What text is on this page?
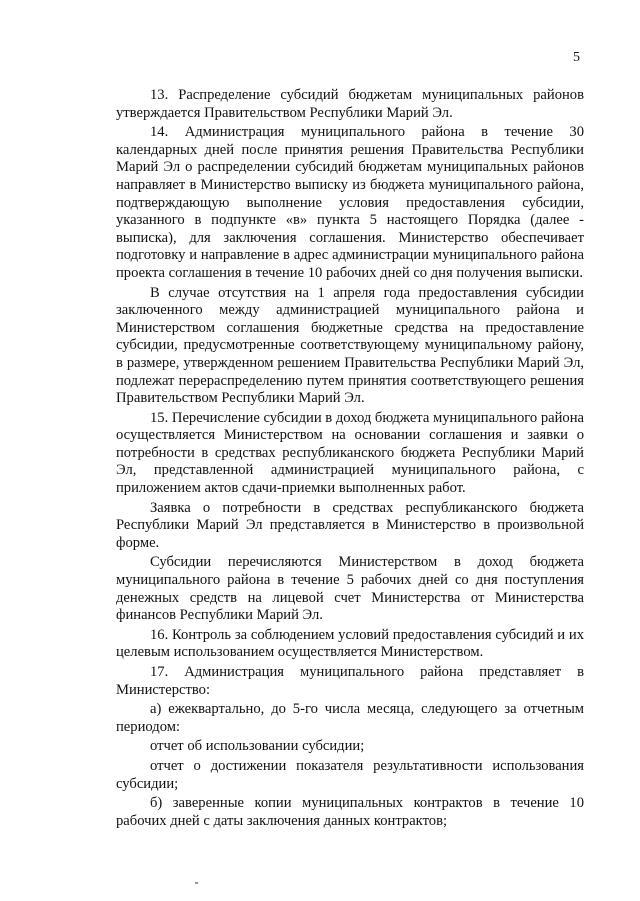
5

13. Распределение субсидий бюджетам муниципальных районов утверждается Правительством Республики Марий Эл.

14. Администрация муниципального района в течение 30 календарных дней после принятия решения Правительства Республики Марий Эл о распределении субсидий бюджетам муниципальных районов направляет в Министерство выписку из бюджета муниципального района, подтверждающую выполнение условия предоставления субсидии, указанного в подпункте «в» пункта 5 настоящего Порядка (далее - выписка), для заключения соглашения. Министерство обеспечивает подготовку и направление в адрес администрации муниципального района проекта соглашения в течение 10 рабочих дней со дня получения выписки.

В случае отсутствия на 1 апреля года предоставления субсидии заключенного между администрацией муниципального района и Министерством соглашения бюджетные средства на предоставление субсидии, предусмотренные соответствующему муниципальному району, в размере, утвержденном решением Правительства Республики Марий Эл, подлежат перераспределению путем принятия соответствующего решения Правительством Республики Марий Эл.

15. Перечисление субсидии в доход бюджета муниципального района осуществляется Министерством на основании соглашения и заявки о потребности в средствах республиканского бюджета Республики Марий Эл, представленной администрацией муниципального района, с приложением актов сдачи-приемки выполненных работ.

Заявка о потребности в средствах республиканского бюджета Республики Марий Эл представляется в Министерство в произвольной форме.

Субсидии перечисляются Министерством в доход бюджета муниципального района в течение 5 рабочих дней со дня поступления денежных средств на лицевой счет Министерства от Министерства финансов Республики Марий Эл.

16. Контроль за соблюдением условий предоставления субсидий и их целевым использованием осуществляется Министерством.

17. Администрация муниципального района представляет в Министерство:

а) ежеквартально, до 5-го числа месяца, следующего за отчетным периодом:

отчет об использовании субсидии;

отчет о достижении показателя результативности использования субсидии;

б) заверенные копии муниципальных контрактов в течение 10 рабочих дней с даты заключения данных контрактов;
